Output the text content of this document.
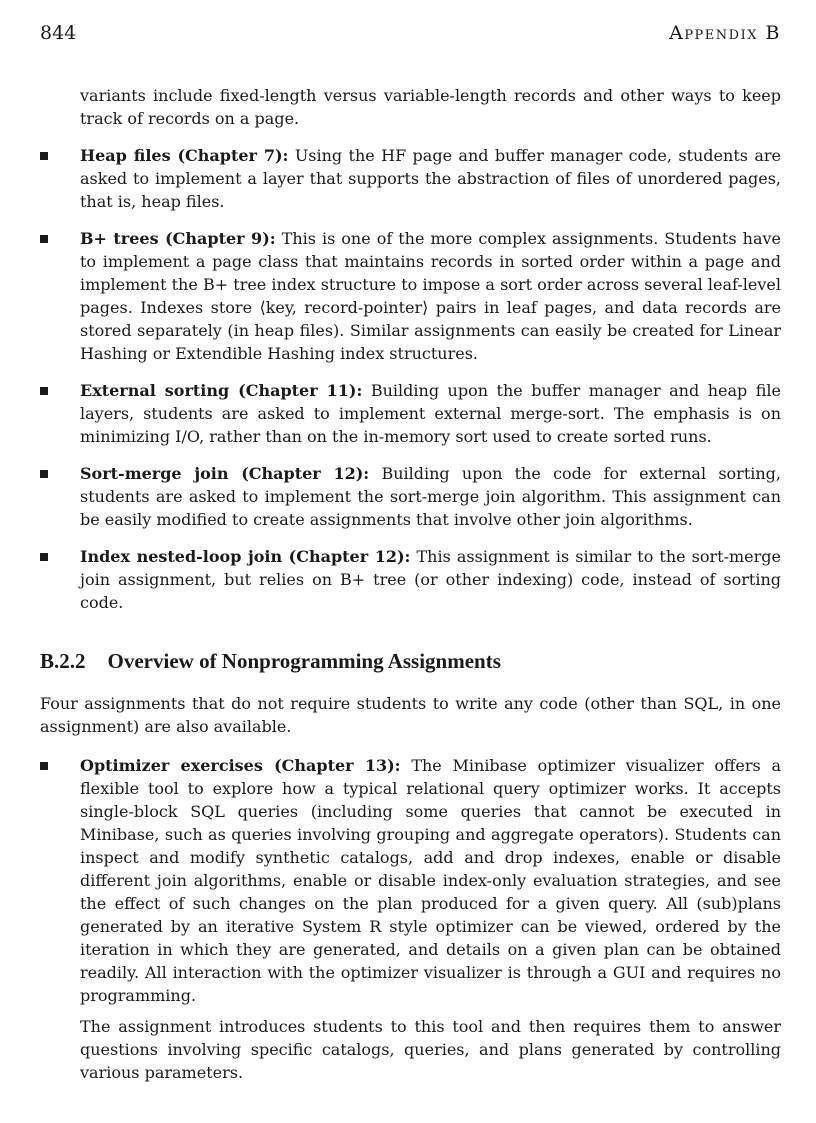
844	Appendix B

variants include fixed-length versus variable-length records and other ways to keep track of records on a page.

Heap files (Chapter 7): Using the HF page and buffer manager code, students are asked to implement a layer that supports the abstraction of files of unordered pages, that is, heap files.
B+ trees (Chapter 9): This is one of the more complex assignments. Students have to implement a page class that maintains records in sorted order within a page and implement the B+ tree index structure to impose a sort order across several leaf-level pages. Indexes store ⟨key, record-pointer⟩ pairs in leaf pages, and data records are stored separately (in heap files). Similar assignments can easily be created for Linear Hashing or Extendible Hashing index structures.
External sorting (Chapter 11): Building upon the buffer manager and heap file layers, students are asked to implement external merge-sort. The emphasis is on minimizing I/O, rather than on the in-memory sort used to create sorted runs.
Sort-merge join (Chapter 12): Building upon the code for external sorting, students are asked to implement the sort-merge join algorithm. This assignment can be easily modified to create assignments that involve other join algorithms.
Index nested-loop join (Chapter 12): This assignment is similar to the sort-merge join assignment, but relies on B+ tree (or other indexing) code, instead of sorting code.
B.2.2 Overview of Nonprogramming Assignments

Four assignments that do not require students to write any code (other than SQL, in one assignment) are also available.

Optimizer exercises (Chapter 13): The Minibase optimizer visualizer offers a flexible tool to explore how a typical relational query optimizer works. It accepts single-block SQL queries (including some queries that cannot be executed in Minibase, such as queries involving grouping and aggregate operators). Students can inspect and modify synthetic catalogs, add and drop indexes, enable or disable different join algorithms, enable or disable index-only evaluation strategies, and see the effect of such changes on the plan produced for a given query. All (sub)plans generated by an iterative System R style optimizer can be viewed, ordered by the iteration in which they are generated, and details on a given plan can be obtained readily. All interaction with the optimizer visualizer is through a GUI and requires no programming.

The assignment introduces students to this tool and then requires them to answer questions involving specific catalogs, queries, and plans generated by controlling various parameters.
